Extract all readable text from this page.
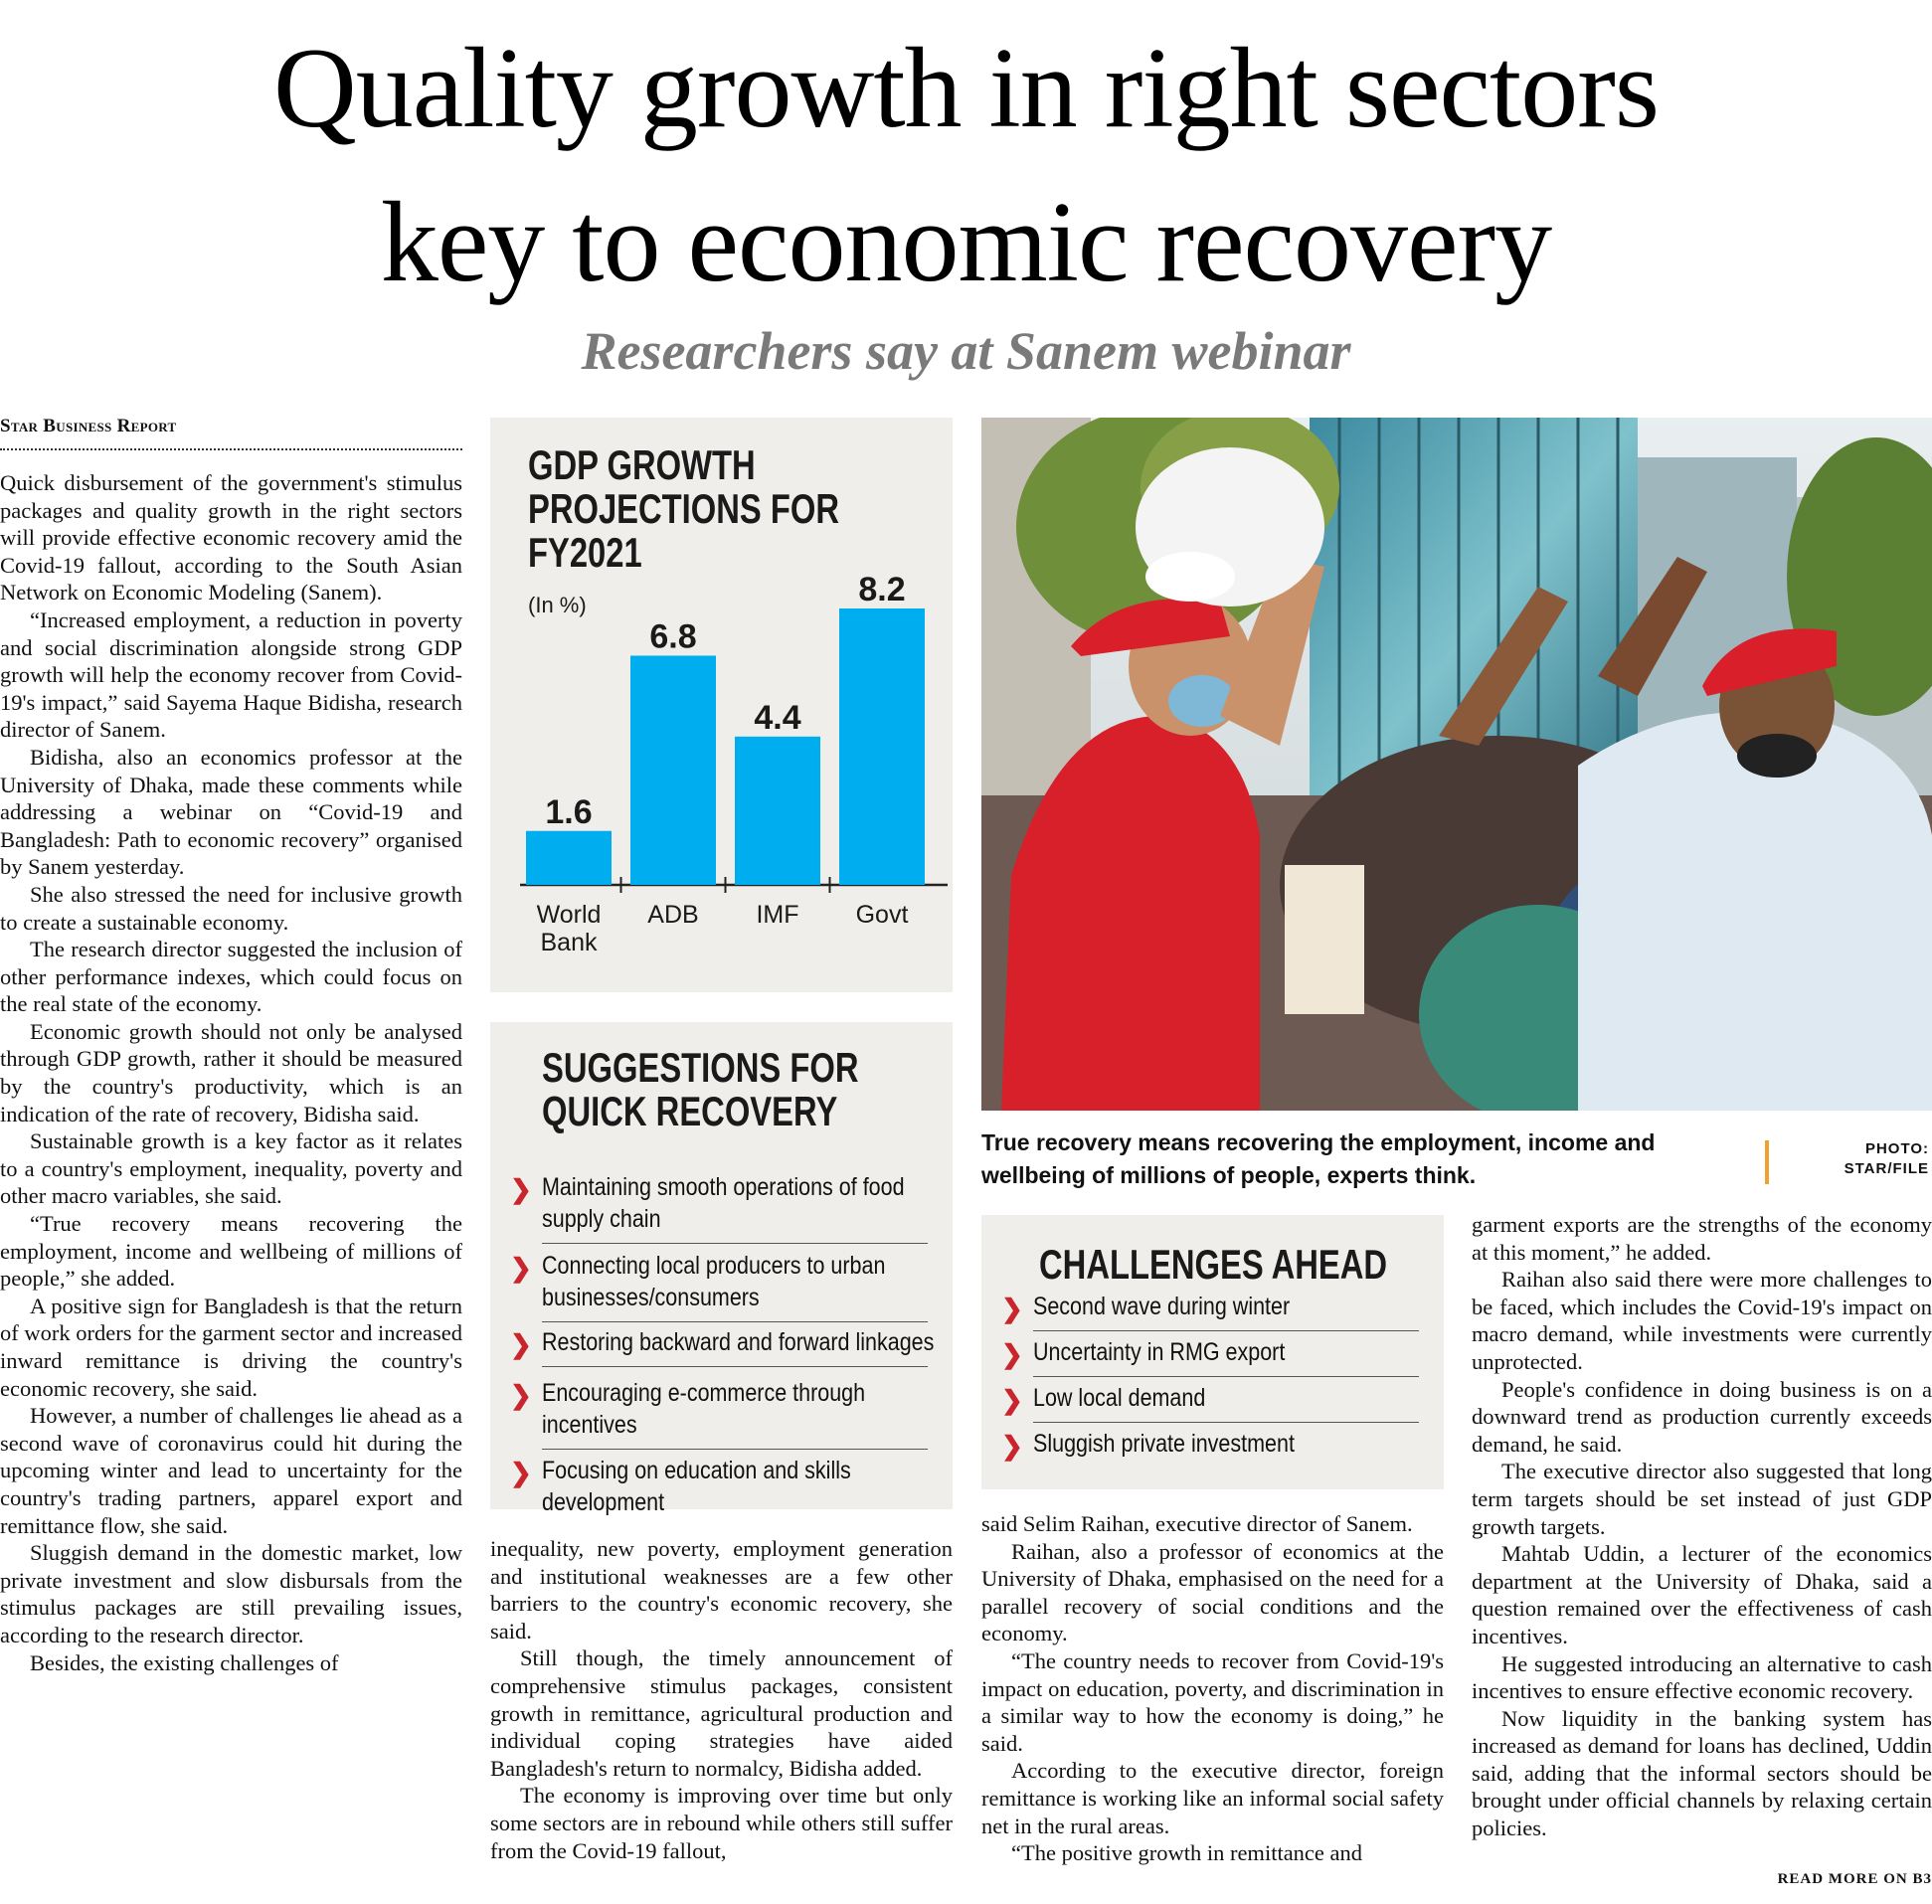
Quality growth in right sectors
key to economic recovery
Researchers say at Sanem webinar
Star Business Report

Quick disbursement of the government's stimulus packages and quality growth in the right sectors will provide effective economic recovery amid the Covid-19 fallout, according to the South Asian Network on Economic Modeling (Sanem).

“Increased employment, a reduction in poverty and social discrimination alongside strong GDP growth will help the economy recover from Covid-19's impact,” said Sayema Haque Bidisha, research director of Sanem.

Bidisha, also an economics professor at the University of Dhaka, made these comments while addressing a webinar on “Covid-19 and Bangladesh: Path to economic recovery” organised by Sanem yesterday.

She also stressed the need for inclusive growth to create a sustainable economy.

The research director suggested the inclusion of other performance indexes, which could focus on the real state of the economy.

Economic growth should not only be analysed through GDP growth, rather it should be measured by the country's productivity, which is an indication of the rate of recovery, Bidisha said.

Sustainable growth is a key factor as it relates to a country's employment, inequality, poverty and other macro variables, she said.

“True recovery means recovering the employment, income and wellbeing of millions of people,” she added.

A positive sign for Bangladesh is that the return of work orders for the garment sector and increased inward remittance is driving the country's economic recovery, she said.

However, a number of challenges lie ahead as a second wave of coronavirus could hit during the upcoming winter and lead to uncertainty for the country's trading partners, apparel export and remittance flow, she said.

Sluggish demand in the domestic market, low private investment and slow disbursals from the stimulus packages are still prevailing issues, according to the research director.

Besides, the existing challenges of

inequality, new poverty, employment generation and institutional weaknesses are a few other barriers to the country's economic recovery, she said.

Still though, the timely announcement of comprehensive stimulus packages, consistent growth in remittance, agricultural production and individual coping strategies have aided Bangladesh's return to normalcy, Bidisha added.

The economy is improving over time but only some sectors are in rebound while others still suffer from the Covid-19 fallout,

said Selim Raihan, executive director of Sanem.

Raihan, also a professor of economics at the University of Dhaka, emphasised on the need for a parallel recovery of social conditions and the economy.

“The country needs to recover from Covid-19's impact on education, poverty, and discrimination in a similar way to how the economy is doing,” he said.

According to the executive director, foreign remittance is working like an informal social safety net in the rural areas.

“The positive growth in remittance and

garment exports are the strengths of the economy at this moment,” he added.

Raihan also said there were more challenges to be faced, which includes the Covid-19's impact on macro demand, while investments were currently unprotected.

People's confidence in doing business is on a downward trend as production currently exceeds demand, he said.

The executive director also suggested that long term targets should be set instead of just GDP growth targets.

Mahtab Uddin, a lecturer of the economics department at the University of Dhaka, said a question remained over the effectiveness of cash incentives.

He suggested introducing an alternative to cash incentives to ensure effective economic recovery.

Now liquidity in the banking system has increased as demand for loans has declined, Uddin said, adding that the informal sectors should be brought under official channels by relaxing certain policies.

GDP GROWTH
PROJECTIONS FOR
FY2021
(In %)
1.6
World
Bank
6.8
ADB
4.4
IMF
8.2
Govt
SUGGESTIONS FOR
QUICK RECOVERY
❯ Maintaining smooth operations of food
supply chain
❯ Connecting local producers to urban
businesses/consumers
❯ Restoring backward and forward linkages
❯ Encouraging e-commerce through
incentives
❯ Focusing on education and skills
development
ㅤ
True recovery means recovering the employment, income and
wellbeing of millions of people, experts think.
PHOTO:
STAR/FILE
CHALLENGES AHEAD
❯ Second wave during winter
❯ Uncertainty in RMG export
❯ Low local demand
❯ Sluggish private investment
READ MORE ON B3
